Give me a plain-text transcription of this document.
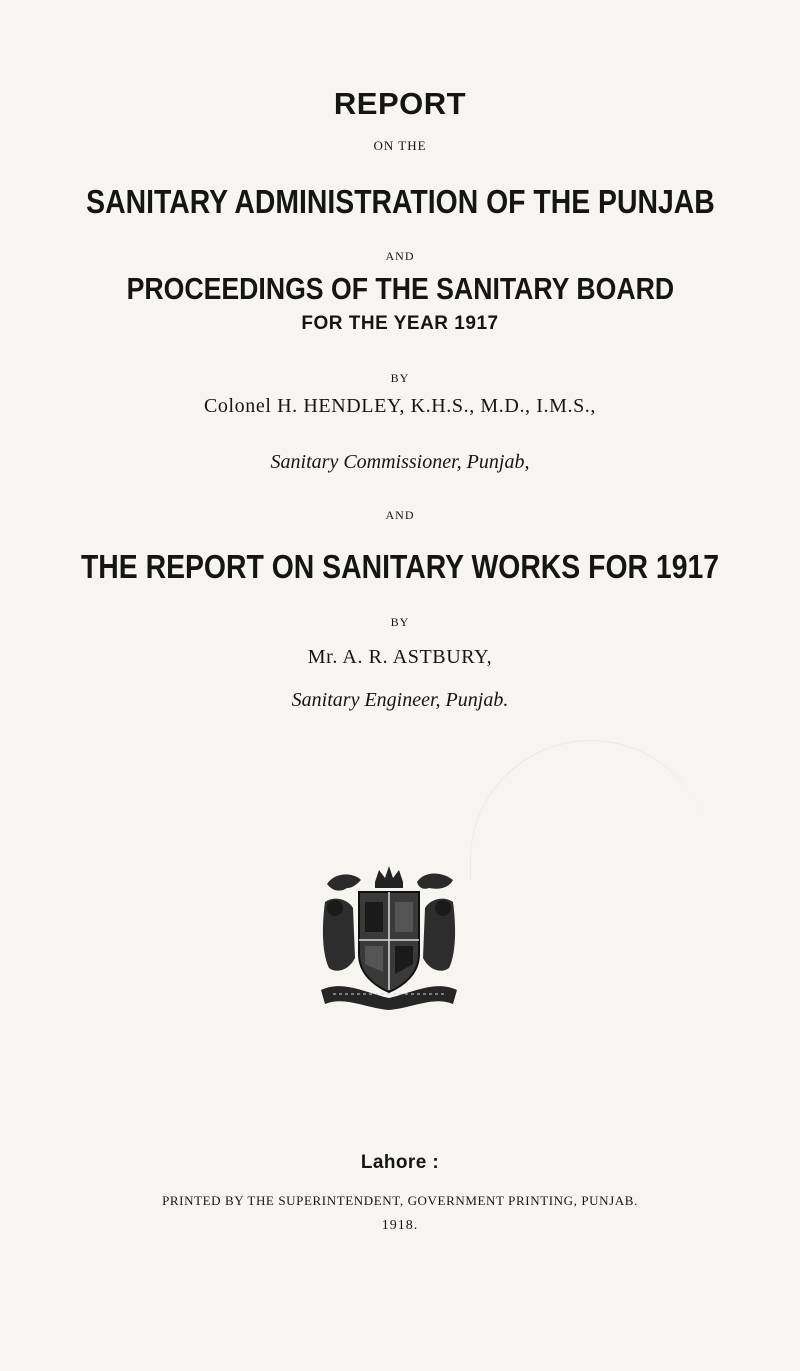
REPORT
ON THE
SANITARY ADMINISTRATION OF THE PUNJAB
AND
PROCEEDINGS OF THE SANITARY BOARD
FOR THE YEAR 1917
BY
Colonel H. HENDLEY, K.H.S., M.D., I.M.S.,
Sanitary Commissioner, Punjab,
AND
THE REPORT ON SANITARY WORKS FOR 1917
BY
Mr. A. R. ASTBURY,
Sanitary Engineer, Punjab.
Lahore :
PRINTED BY THE SUPERINTENDENT, GOVERNMENT PRINTING, PUNJAB.
1918.
